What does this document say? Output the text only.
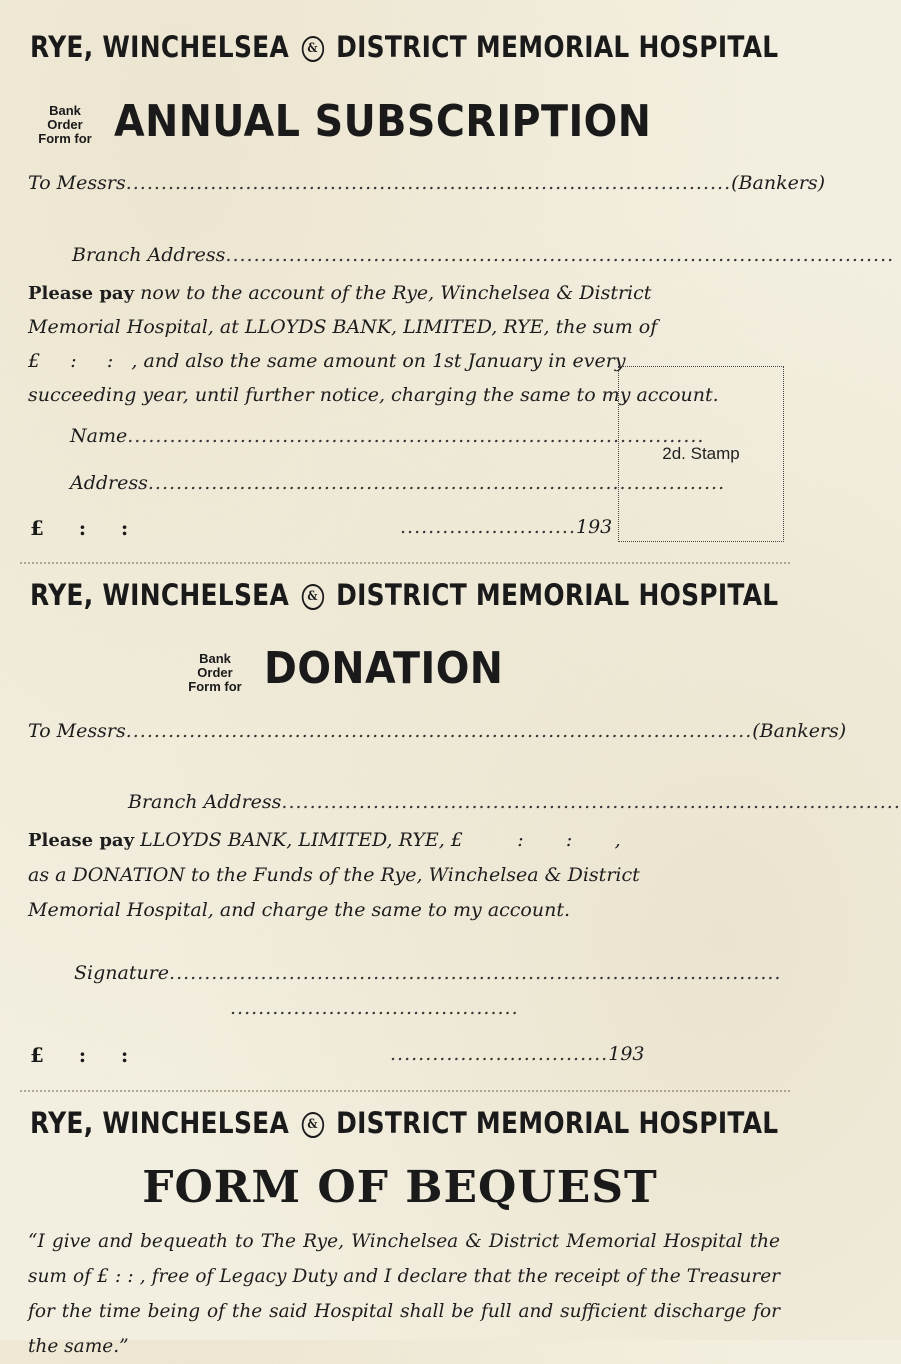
RYE, WINCHELSEA & DISTRICT MEMORIAL HOSPITAL
Bank Order
Form for ANNUAL SUBSCRIPTION
To Messrs......................................................................................(Bankers)
Branch Address...............................................................................................
Please pay now to the account of the Rye, Winchelsea & District
Memorial Hospital, at LLOYDS BANK, LIMITED, RYE, the sum of
£     :     : , and also the same amount on 1st January in every
succeeding year, until further notice, charging the same to my account.
Name..................................................................................
Address..................................................................................
£     :     :	.........................193
2d. Stamp
RYE, WINCHELSEA & DISTRICT MEMORIAL HOSPITAL
Bank Order
Form for DONATION
To Messrs.........................................................................................(Bankers)
Branch Address........................................................................................
Please pay LLOYDS BANK, LIMITED, RYE, £         :       :       ,
as a DONATION to the Funds of the Rye, Winchelsea & District
Memorial Hospital, and charge the same to my account.
Signature.......................................................................................
.........................................
£     :     :	...............................193
RYE, WINCHELSEA & DISTRICT MEMORIAL HOSPITAL
FORM OF BEQUEST
“I give and bequeath to The Rye, Winchelsea & District Memorial Hospital the sum of £ : : , free of Legacy Duty and I declare that the receipt of the Treasurer for the time being of the said Hospital shall be full and sufficient discharge for the same.”
